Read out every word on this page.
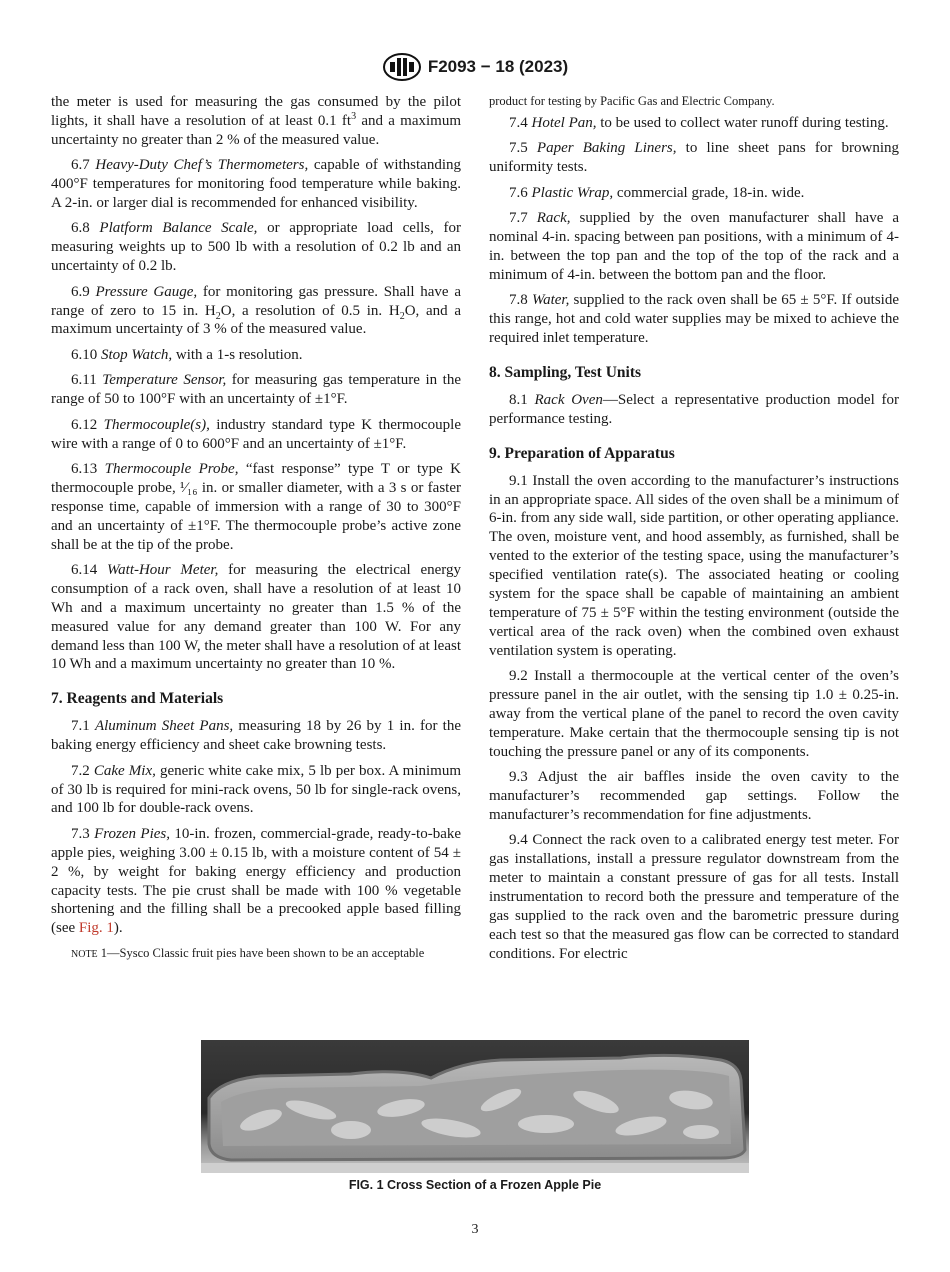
F2093 − 18 (2023)

the meter is used for measuring the gas consumed by the pilot lights, it shall have a resolution of at least 0.1 $ft^3$ and a maximum uncertainty no greater than 2 % of the measured value.

6.7 Heavy-Duty Chef’s Thermometers, capable of withstanding 400°F temperatures for monitoring food temperature while baking. A 2-in. or larger dial is recommended for enhanced visibility.

6.8 Platform Balance Scale, or appropriate load cells, for measuring weights up to 500 lb with a resolution of 0.2 lb and an uncertainty of 0.2 lb.

6.9 Pressure Gauge, for monitoring gas pressure. Shall have a range of zero to 15 in. $H_2O$, a resolution of 0.5 in. $H_2O$, and a maximum uncertainty of 3 % of the measured value.

6.10 Stop Watch, with a 1-s resolution.

6.11 Temperature Sensor, for measuring gas temperature in the range of 50 to 100°F with an uncertainty of ±1°F.

6.12 Thermocouple(s), industry standard type K thermocouple wire with a range of 0 to 600°F and an uncertainty of ±1°F.

6.13 Thermocouple Probe, “fast response” type T or type K thermocouple probe, ¹⁄₁₆ in. or smaller diameter, with a 3 s or faster response time, capable of immersion with a range of 30 to 300°F and an uncertainty of ±1°F. The thermocouple probe’s active zone shall be at the tip of the probe.

6.14 Watt-Hour Meter, for measuring the electrical energy consumption of a rack oven, shall have a resolution of at least 10 Wh and a maximum uncertainty no greater than 1.5 % of the measured value for any demand greater than 100 W. For any demand less than 100 W, the meter shall have a resolution of at least 10 Wh and a maximum uncertainty no greater than 10 %.

7. Reagents and Materials

7.1 Aluminum Sheet Pans, measuring 18 by 26 by 1 in. for the baking energy efficiency and sheet cake browning tests.

7.2 Cake Mix, generic white cake mix, 5 lb per box. A minimum of 30 lb is required for mini-rack ovens, 50 lb for single-rack ovens, and 100 lb for double-rack ovens.

7.3 Frozen Pies, 10-in. frozen, commercial-grade, ready-to-bake apple pies, weighing 3.00 ± 0.15 lb, with a moisture content of 54 ± 2 %, by weight for baking energy efficiency and production capacity tests. The pie crust shall be made with 100 % vegetable shortening and the filling shall be a precooked apple based filling (see Fig. 1).

NOTE 1—Sysco Classic fruit pies have been shown to be an acceptable

product for testing by Pacific Gas and Electric Company.

7.4 Hotel Pan, to be used to collect water runoff during testing.

7.5 Paper Baking Liners, to line sheet pans for browning uniformity tests.

7.6 Plastic Wrap, commercial grade, 18-in. wide.

7.7 Rack, supplied by the oven manufacturer shall have a nominal 4-in. spacing between pan positions, with a minimum of 4-in. between the top pan and the top of the top of the rack and a minimum of 4-in. between the bottom pan and the floor.

7.8 Water, supplied to the rack oven shall be 65 ± 5°F. If outside this range, hot and cold water supplies may be mixed to achieve the required inlet temperature.

8. Sampling, Test Units

8.1 Rack Oven—Select a representative production model for performance testing.

9. Preparation of Apparatus

9.1 Install the oven according to the manufacturer’s instructions in an appropriate space. All sides of the oven shall be a minimum of 6-in. from any side wall, side partition, or other operating appliance. The oven, moisture vent, and hood assembly, as furnished, shall be vented to the exterior of the testing space, using the manufacturer’s specified ventilation rate(s). The associated heating or cooling system for the space shall be capable of maintaining an ambient temperature of 75 ± 5°F within the testing environment (outside the vertical area of the rack oven) when the combined oven exhaust ventilation system is operating.

9.2 Install a thermocouple at the vertical center of the oven’s pressure panel in the air outlet, with the sensing tip 1.0 ± 0.25-in. away from the vertical plane of the panel to record the oven cavity temperature. Make certain that the thermocouple sensing tip is not touching the pressure panel or any of its components.

9.3 Adjust the air baffles inside the oven cavity to the manufacturer’s recommended gap settings. Follow the manufacturer’s recommendation for fine adjustments.

9.4 Connect the rack oven to a calibrated energy test meter. For gas installations, install a pressure regulator downstream from the meter to maintain a constant pressure of gas for all tests. Install instrumentation to record both the pressure and temperature of the gas supplied to the rack oven and the barometric pressure during each test so that the measured gas flow can be corrected to standard conditions. For electric

FIG. 1 Cross Section of a Frozen Apple Pie
3
